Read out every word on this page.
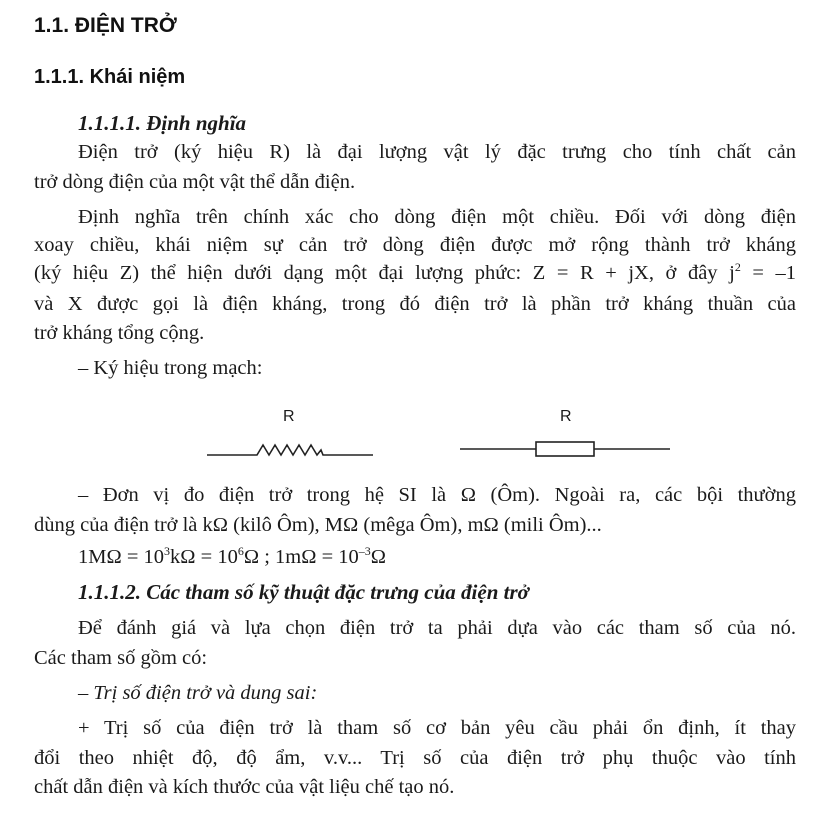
1.1. ĐIỆN TRỞ
1.1.1. Khái niệm
1.1.1.1. Định nghĩa
Điện trở (ký hiệu R) là đại lượng vật lý đặc trưng cho tính chất cản
trở dòng điện của một vật thể dẫn điện.
Định nghĩa trên chính xác cho dòng điện một chiều. Đối với dòng điện
xoay chiều, khái niệm sự cản trở dòng điện được mở rộng thành trở kháng
(ký hiệu Z) thể hiện dưới dạng một đại lượng phức: Z = R + jX, ở đây $j^2 = -1$
và X được gọi là điện kháng, trong đó điện trở là phần trở kháng thuần của
trở kháng tổng cộng.
– Ký hiệu trong mạch:
R	R
– Đơn vị đo điện trở trong hệ SI là Ω (Ôm). Ngoài ra, các bội thường
dùng của điện trở là kΩ (kilô Ôm), MΩ (mêga Ôm), mΩ (mili Ôm)...
$1M\Omega = 10^3k\Omega = 10^6\Omega$ ; $1m\Omega = 10^{-3}\Omega$
1.1.1.2. Các tham số kỹ thuật đặc trưng của điện trở
Để đánh giá và lựa chọn điện trở ta phải dựa vào các tham số của nó.
Các tham số gồm có:
– Trị số điện trở và dung sai:
+ Trị số của điện trở là tham số cơ bản yêu cầu phải ổn định, ít thay
đổi theo nhiệt độ, độ ẩm, v.v... Trị số của điện trở phụ thuộc vào tính
chất dẫn điện và kích thước của vật liệu chế tạo nó.
